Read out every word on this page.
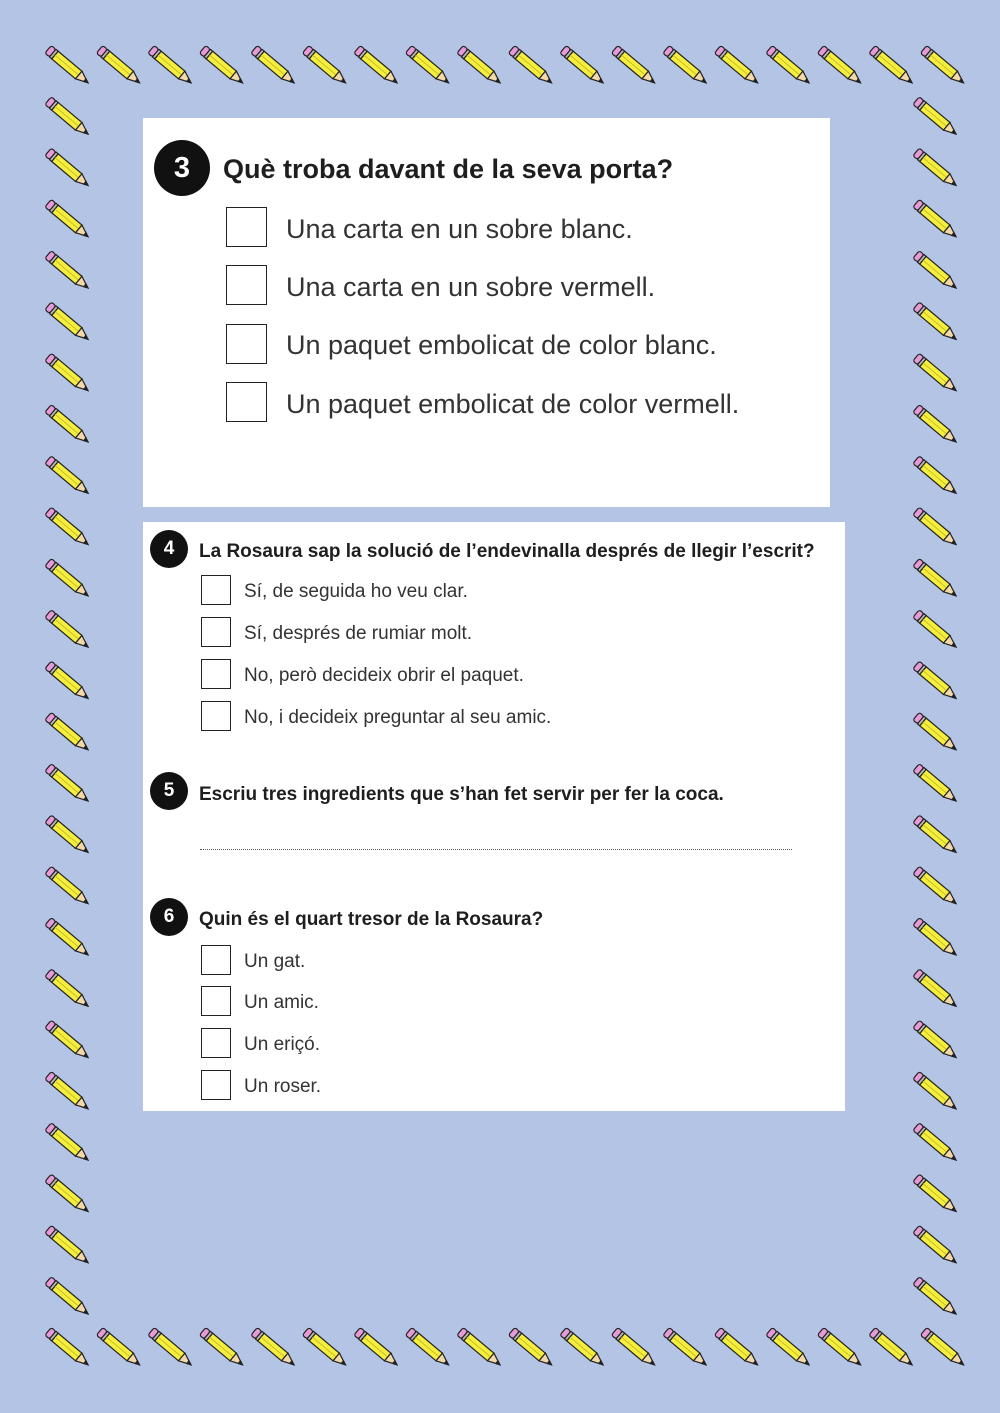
3	Què troba davant de la seva porta?
Una carta en un sobre blanc.
Una carta en un sobre vermell.
Un paquet embolicat de color blanc.
Un paquet embolicat de color vermell.
4	La Rosaura sap la solució de l’endevinalla després de llegir l’escrit?
Sí, de seguida ho veu clar.
Sí, després de rumiar molt.
No, però decideix obrir el paquet.
No, i decideix preguntar al seu amic.
5	Escriu tres ingredients que s’han fet servir per fer la coca.
6	Quin és el quart tresor de la Rosaura?
Un gat.
Un amic.
Un eriçó.
Un roser.
